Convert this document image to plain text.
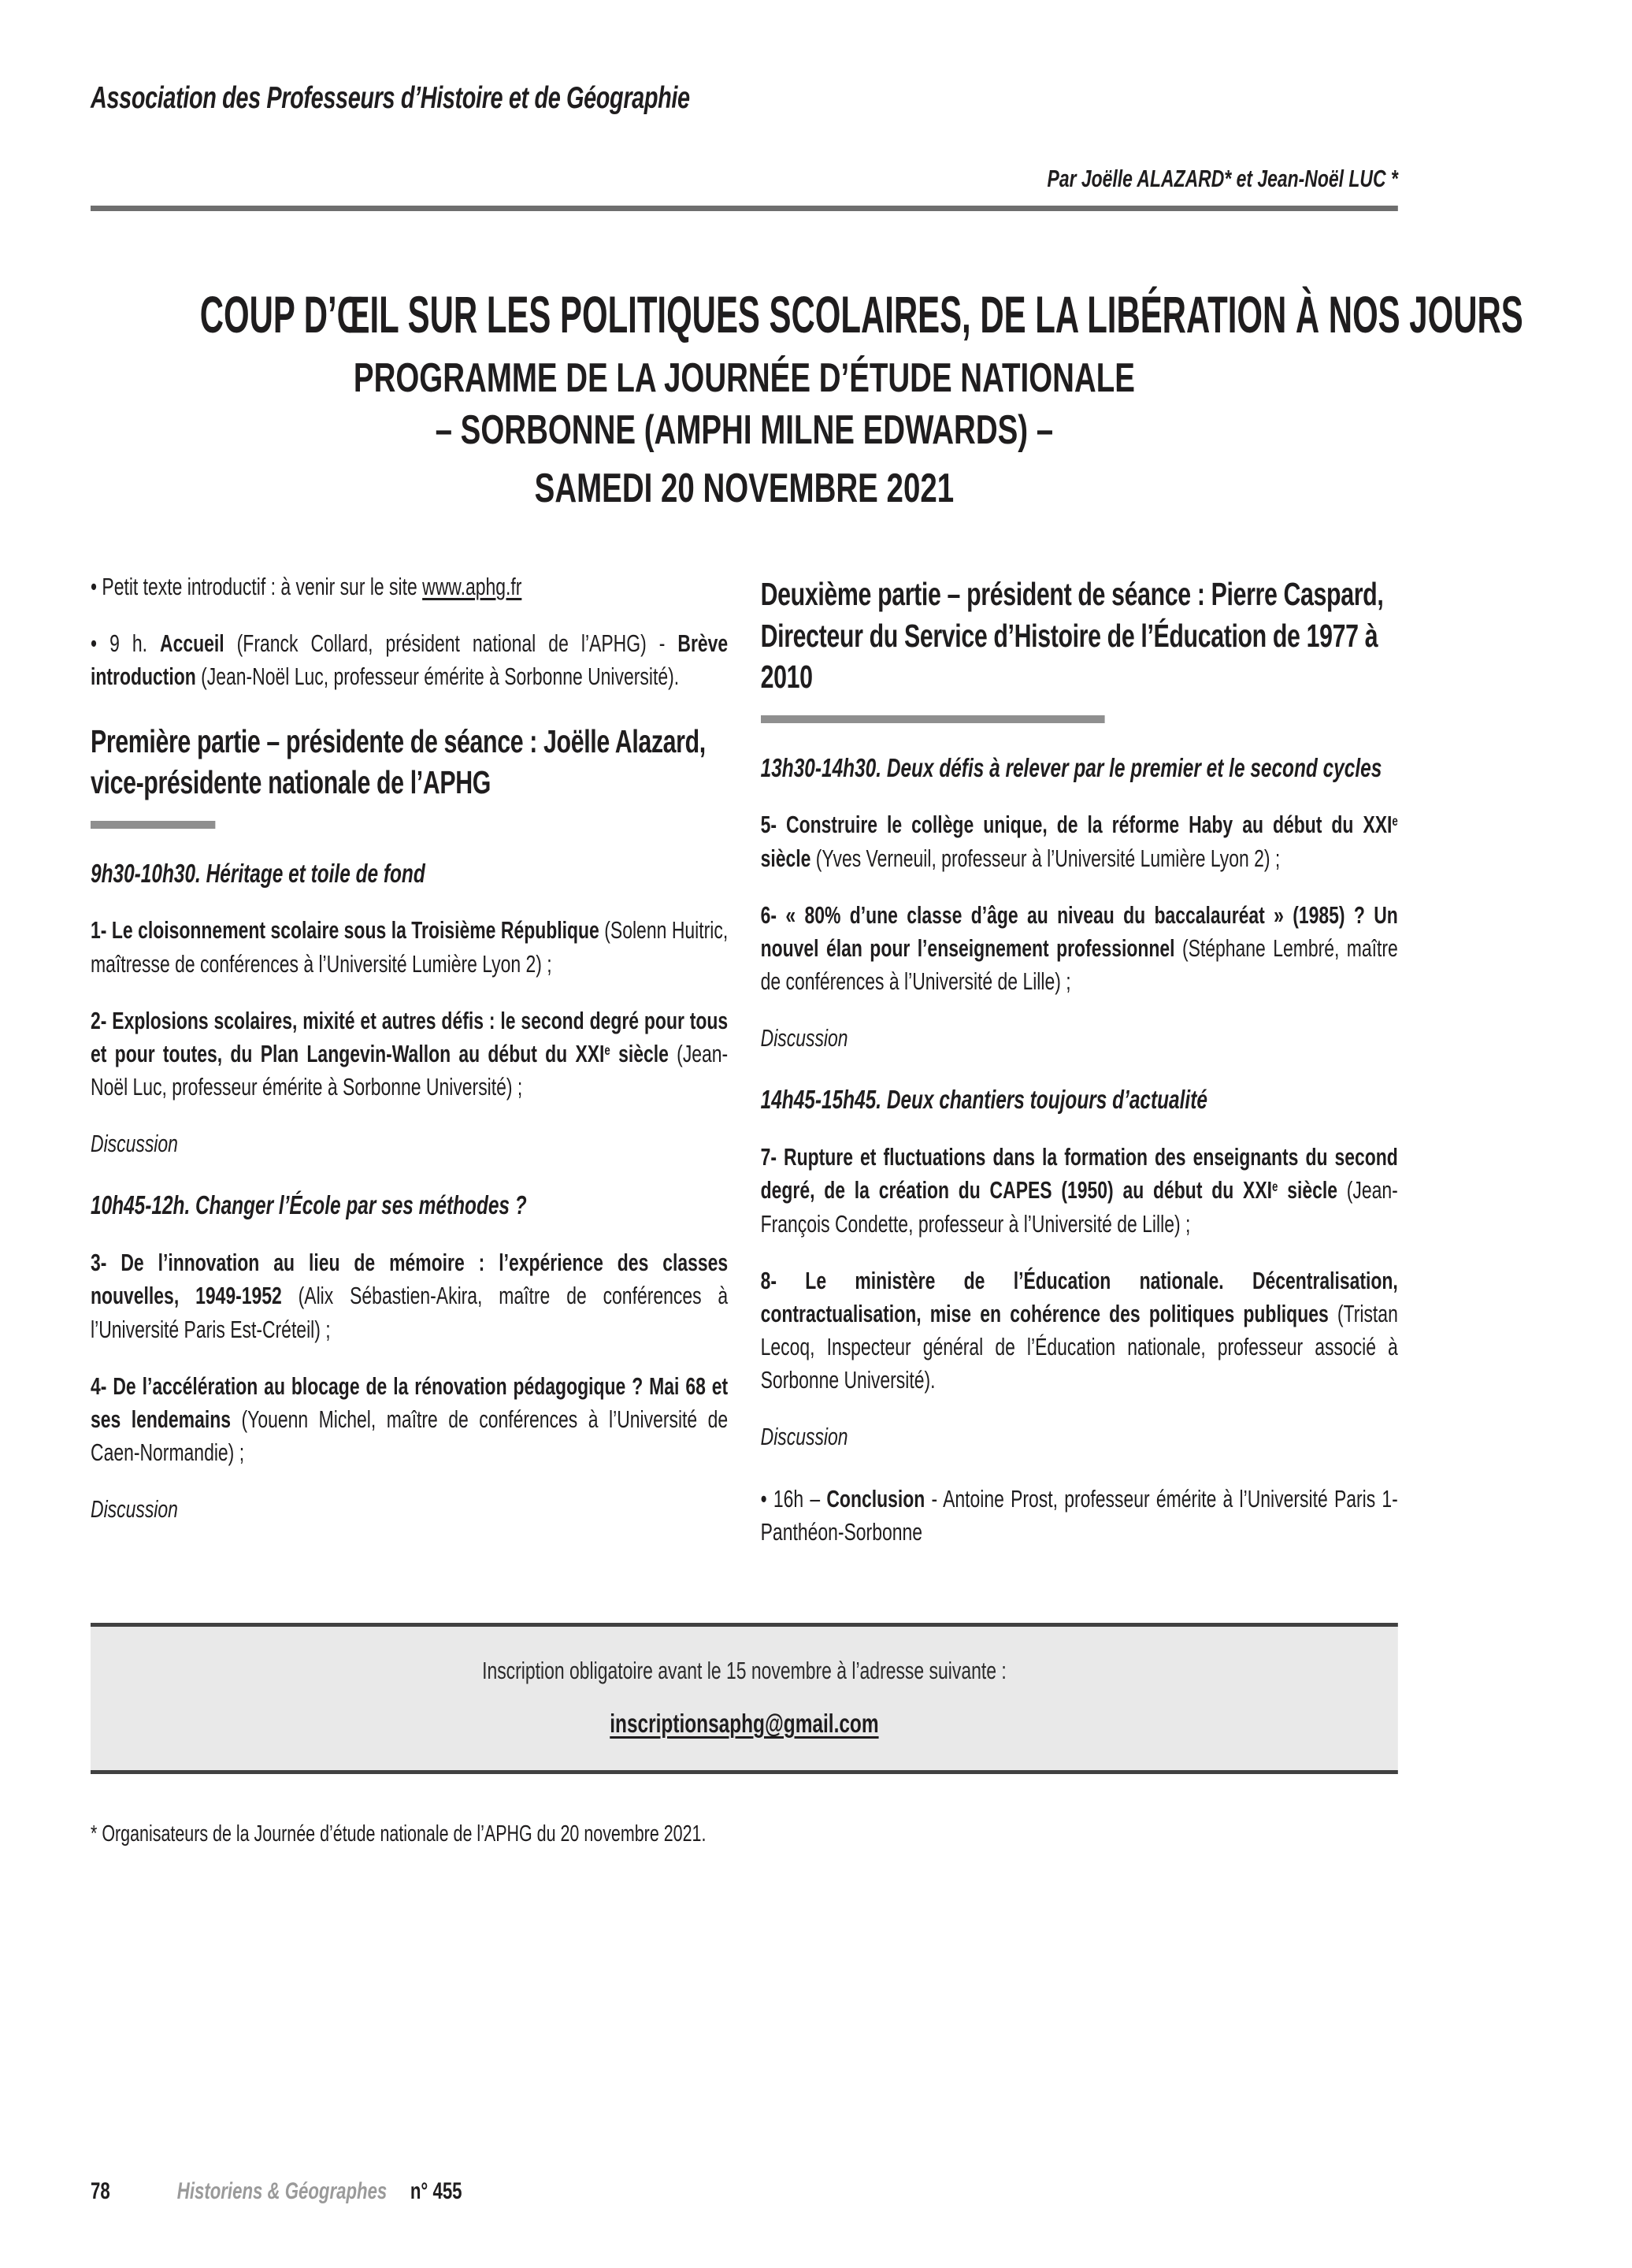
Association des Professeurs d’Histoire et de Géographie
Par Joëlle ALAZARD* et Jean-Noël LUC *
COUP D’ŒIL SUR LES POLITIQUES SCOLAIRES, DE LA LIBÉRATION À NOS JOURS
PROGRAMME DE LA JOURNÉE D’ÉTUDE NATIONALE
– SORBONNE (AMPHI MILNE EDWARDS) –
SAMEDI 20 NOVEMBRE 2021

• Petit texte introductif : à venir sur le site www.aphg.fr

• 9 h. Accueil (Franck Collard, président national de l’APHG) - Brève introduction (Jean-Noël Luc, professeur émérite à Sorbonne Université).

Première partie – présidente de séance : Joëlle Alazard, vice-présidente nationale de l’APHG
9h30-10h30. Héritage et toile de fond

1- Le cloisonnement scolaire sous la Troisième République (Solenn Huitric, maîtresse de conférences à l’Université Lumière Lyon 2) ;

2- Explosions scolaires, mixité et autres défis : le second degré pour tous et pour toutes, du Plan Langevin-Wallon au début du XXIe siècle (Jean-Noël Luc, professeur émérite à Sorbonne Université) ;

Discussion

10h45-12h. Changer l’École par ses méthodes ?

3- De l’innovation au lieu de mémoire : l’expérience des classes nouvelles, 1949-1952 (Alix Sébastien-Akira, maître de conférences à l’Université Paris Est-Créteil) ;

4- De l’accélération au blocage de la rénovation pédagogique ? Mai 68 et ses lendemains (Youenn Michel, maître de conférences à l’Université de Caen-Normandie) ;

Discussion

Deuxième partie – président de séance : Pierre Caspard, Directeur du Service d’Histoire de l’Éducation de 1977 à 2010
13h30-14h30. Deux défis à relever par le premier et le second cycles

5- Construire le collège unique, de la réforme Haby au début du XXIe siècle (Yves Verneuil, professeur à l’Université Lumière Lyon 2) ;

6- « 80% d’une classe d’âge au niveau du baccalauréat » (1985) ? Un nouvel élan pour l’enseignement professionnel (Stéphane Lembré, maître de conférences à l’Université de Lille) ;

Discussion

14h45-15h45. Deux chantiers toujours d’actualité

7- Rupture et fluctuations dans la formation des enseignants du second degré, de la création du CAPES (1950) au début du XXIe siècle (Jean-François Condette, professeur à l’Université de Lille) ;

8- Le ministère de l’Éducation nationale. Décentralisation, contractualisation, mise en cohérence des politiques publiques (Tristan Lecoq, Inspecteur général de l’Éducation nationale, professeur associé à Sorbonne Université).

Discussion

• 16h – Conclusion - Antoine Prost, professeur émérite à l’Université Paris 1-Panthéon-Sorbonne

Inscription obligatoire avant le 15 novembre à l’adresse suivante :
inscriptionsaphg@gmail.com
* Organisateurs de la Journée d’étude nationale de l’APHG du 20 novembre 2021.
78	Historiens & Géographes n° 455
